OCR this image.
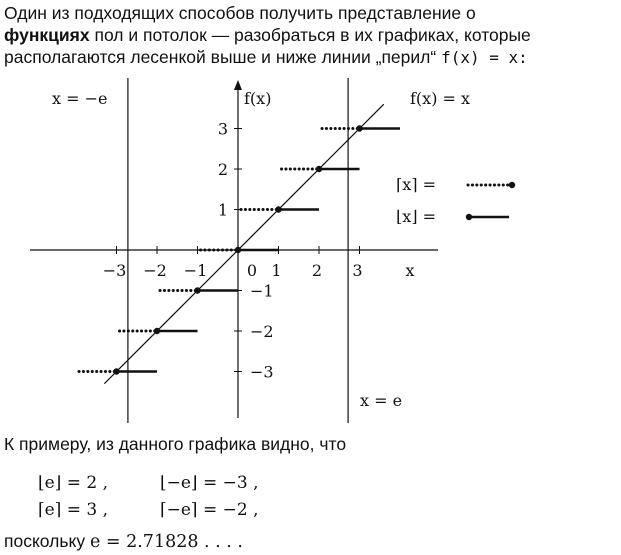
Один из подходящих способов получить представление о
функциях пол и потолок — разобраться в их графиках, которые
располагаются лесенкой выше и ниже линии „перил“ f(x) = x:

−3 −2 −1 0 1 2 3
3
2
1
−1
−2
−3
f(x)
x
x = −e
x = e
f(x) = x
⌈x⌉ =
⌊x⌋ =

К примеру, из данного графика видно, что

⌊e⌋ = 2 ,	⌊−e⌋ = −3 ,
⌈e⌉ = 3 ,	⌈−e⌉ = −2 ,

поскольку e = 2.71828 . . . .
